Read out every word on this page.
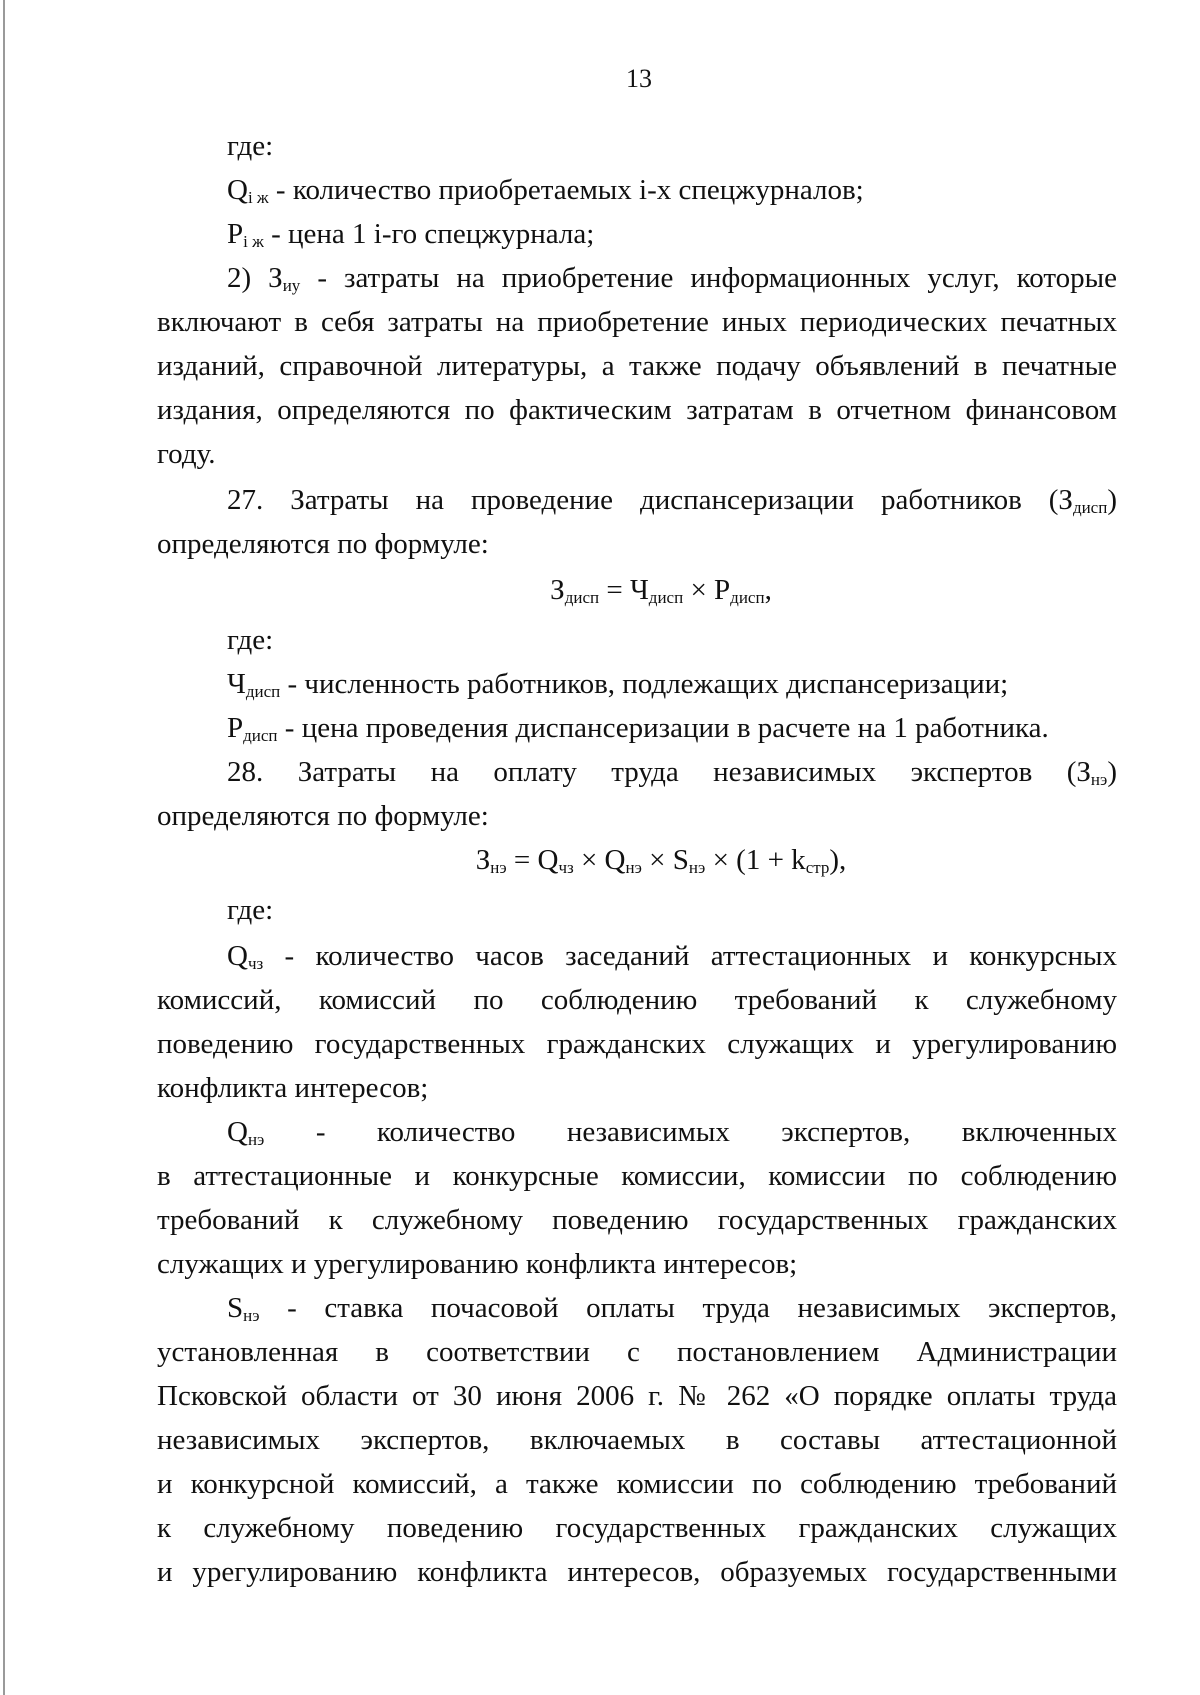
13
где:
$Q_{i ж}$ - количество приобретаемых i-х спецжурналов;
$P_{i ж}$ - цена 1 i-го спецжурнала;
2) $З_{иу}$ - затраты на приобретение информационных услуг, которые
включают в себя затраты на приобретение иных периодических печатных
изданий, справочной литературы, а также подачу объявлений в печатные
издания, определяются по фактическим затратам в отчетном финансовом
году.
27. Затраты на проведение диспансеризации работников $(З_{дисп})$
определяются по формуле:
$З_{дисп} = Ч_{дисп} \times P_{дисп}$,
где:
$Ч_{дисп}$ - численность работников, подлежащих диспансеризации;
$P_{дисп}$ - цена проведения диспансеризации в расчете на 1 работника.
28. Затраты на оплату труда независимых экспертов $(З_{нэ})$
определяются по формуле:
$З_{нэ} = Q_{чз} \times Q_{нэ} \times S_{нэ} \times (1 + k_{стр})$,
где:
$Q_{чз}$ - количество часов заседаний аттестационных и конкурсных
комиссий, комиссий по соблюдению требований к служебному
поведению государственных гражданских служащих и урегулированию
конфликта интересов;
$Q_{нэ}$ - количество независимых экспертов, включенных
в аттестационные и конкурсные комиссии, комиссии по соблюдению
требований к служебному поведению государственных гражданских
служащих и урегулированию конфликта интересов;
$S_{нэ}$ - ставка почасовой оплаты труда независимых экспертов,
установленная в соответствии с постановлением Администрации
Псковской области от 30 июня 2006 г. № 262 «О порядке оплаты труда
независимых экспертов, включаемых в составы аттестационной
и конкурсной комиссий, а также комиссии по соблюдению требований
к служебному поведению государственных гражданских служащих
и урегулированию конфликта интересов, образуемых государственными
